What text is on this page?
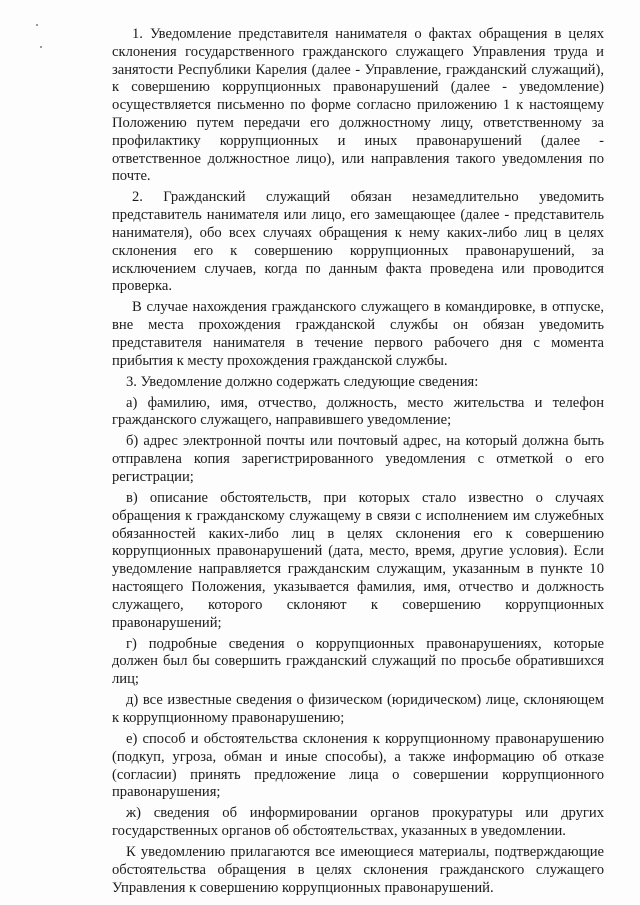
1. Уведомление представителя нанимателя о фактах обращения в целях склонения государственного гражданского служащего Управления труда и занятости Республики Карелия (далее - Управление, гражданский служащий), к совершению коррупционных правонарушений (далее - уведомление) осуществляется письменно по форме согласно приложению 1 к настоящему Положению путем передачи его должностному лицу, ответственному за профилактику коррупционных и иных правонарушений (далее - ответственное должностное лицо), или направления такого уведомления по почте.

2. Гражданский служащий обязан незамедлительно уведомить представитель нанимателя или лицо, его замещающее (далее - представитель нанимателя), обо всех случаях обращения к нему каких-либо лиц в целях склонения его к совершению коррупционных правонарушений, за исключением случаев, когда по данным факта проведена или проводится проверка.

В случае нахождения гражданского служащего в командировке, в отпуске, вне места прохождения гражданской службы он обязан уведомить представителя нанимателя в течение первого рабочего дня с момента прибытия к месту прохождения гражданской службы.

3. Уведомление должно содержать следующие сведения:

а) фамилию, имя, отчество, должность, место жительства и телефон гражданского служащего, направившего уведомление;

б) адрес электронной почты или почтовый адрес, на который должна быть отправлена копия зарегистрированного уведомления с отметкой о его регистрации;

в) описание обстоятельств, при которых стало известно о случаях обращения к гражданскому служащему в связи с исполнением им служебных обязанностей каких-либо лиц в целях склонения его к совершению коррупционных правонарушений (дата, место, время, другие условия). Если уведомление направляется гражданским служащим, указанным в пункте 10 настоящего Положения, указывается фамилия, имя, отчество и должность служащего, которого склоняют к совершению коррупционных правонарушений;

г) подробные сведения о коррупционных правонарушениях, которые должен был бы совершить гражданский служащий по просьбе обратившихся лиц;

д) все известные сведения о физическом (юридическом) лице, склоняющем к коррупционному правонарушению;

е) способ и обстоятельства склонения к коррупционному правонарушению (подкуп, угроза, обман и иные способы), а также информацию об отказе (согласии) принять предложение лица о совершении коррупционного правонарушения;

ж) сведения об информировании органов прокуратуры или других государственных органов об обстоятельствах, указанных в уведомлении.

К уведомлению прилагаются все имеющиеся материалы, подтверждающие обстоятельства обращения в целях склонения гражданского служащего Управления к совершению коррупционных правонарушений.
